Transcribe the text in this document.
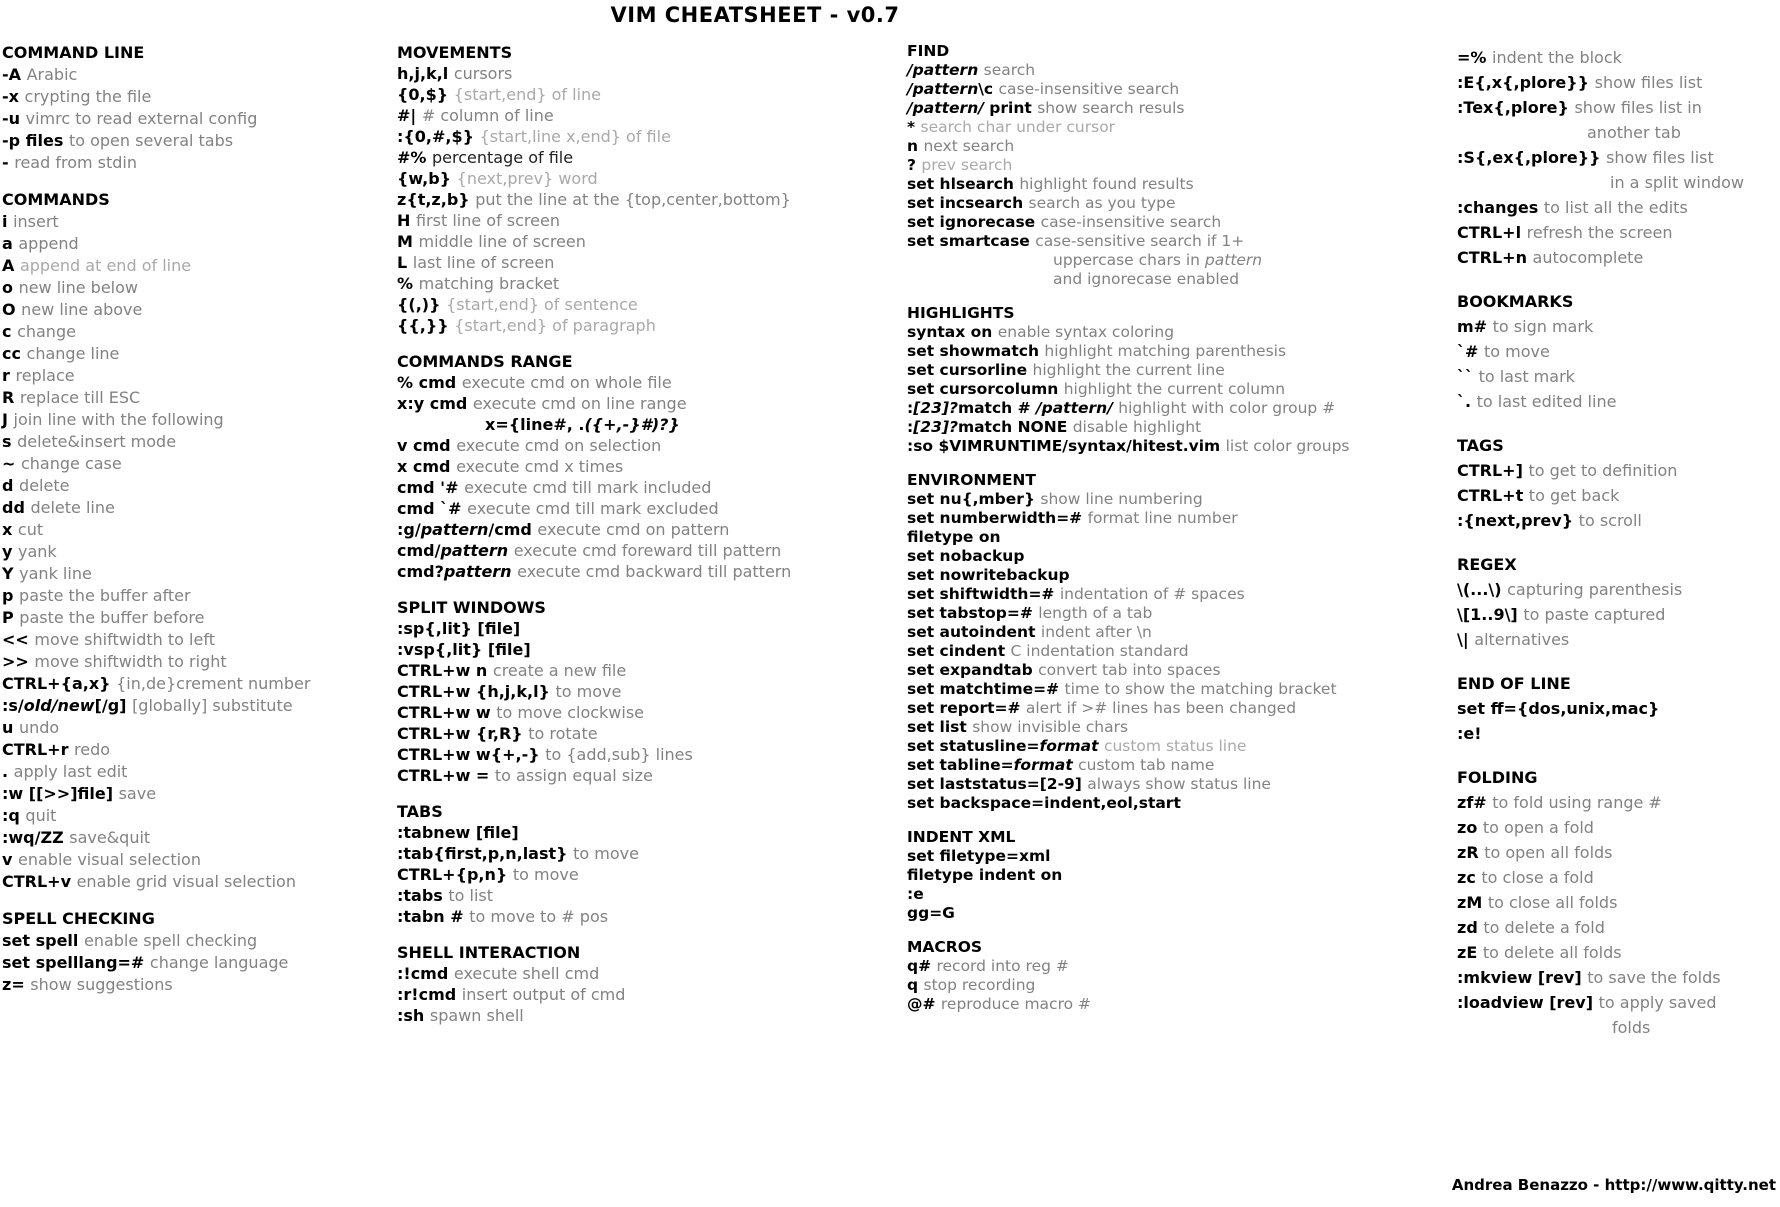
VIM CHEATSHEET - v0.7
COMMAND LINE
-A Arabic
-x crypting the file
-u vimrc to read external config
-p files to open several tabs
- read from stdin
COMMANDS
i insert
a append
A append at end of line
o new line below
O new line above
c change
cc change line
r replace
R replace till ESC
J join line with the following
s delete&insert mode
~ change case
d delete
dd delete line
x cut
y yank
Y yank line
p paste the buffer after
P paste the buffer before
<< move shiftwidth to left
>> move shiftwidth to right
CTRL+{a,x} {in,de}crement number
:s/old/new[/g] [globally] substitute
u undo
CTRL+r redo
. apply last edit
:w [[>>]file] save
:q quit
:wq/ZZ save&quit
v enable visual selection
CTRL+v enable grid visual selection
SPELL CHECKING
set spell enable spell checking
set spelllang=# change language
z= show suggestions
MOVEMENTS
h,j,k,l cursors
{0,$} {start,end} of line
#| # column of line
:{0,#,$} {start,line x,end} of file
#% percentage of file
{w,b} {next,prev} word
z{t,z,b} put the line at the {top,center,bottom}
H first line of screen
M middle line of screen
L last line of screen
% matching bracket
{(,)} {start,end} of sentence
{{,}} {start,end} of paragraph
COMMANDS RANGE
% cmd execute cmd on whole file
x:y cmd execute cmd on line range
x={line#, .({+,-}#)?}
v cmd execute cmd on selection
x cmd execute cmd x times
cmd '# execute cmd till mark included
cmd `# execute cmd till mark excluded
:g/pattern/cmd execute cmd on pattern
cmd/pattern execute cmd foreward till pattern
cmd?pattern execute cmd backward till pattern
SPLIT WINDOWS
:sp{,lit} [file]
:vsp{,lit} [file]
CTRL+w n create a new file
CTRL+w {h,j,k,l} to move
CTRL+w w to move clockwise
CTRL+w {r,R} to rotate
CTRL+w w{+,-} to {add,sub} lines
CTRL+w = to assign equal size
TABS
:tabnew [file]
:tab{first,p,n,last} to move
CTRL+{p,n} to move
:tabs to list
:tabn # to move to # pos
SHELL INTERACTION
:!cmd execute shell cmd
:r!cmd insert output of cmd
:sh spawn shell
FIND
/pattern search
/pattern\c case-insensitive search
/pattern/ print show search resuls
* search char under cursor
n next search
? prev search
set hlsearch highlight found results
set incsearch search as you type
set ignorecase case-insensitive search
set smartcase case-sensitive search if 1+
uppercase chars in pattern
and ignorecase enabled
HIGHLIGHTS
syntax on enable syntax coloring
set showmatch highlight matching parenthesis
set cursorline highlight the current line
set cursorcolumn highlight the current column
:[23]?match # /pattern/ highlight with color group #
:[23]?match NONE disable highlight
:so $VIMRUNTIME/syntax/hitest.vim list color groups
ENVIRONMENT
set nu{,mber} show line numbering
set numberwidth=# format line number
filetype on
set nobackup
set nowritebackup
set shiftwidth=# indentation of # spaces
set tabstop=# length of a tab
set autoindent indent after \n
set cindent C indentation standard
set expandtab convert tab into spaces
set matchtime=# time to show the matching bracket
set report=# alert if ># lines has been changed
set list show invisible chars
set statusline=format custom status line
set tabline=format custom tab name
set laststatus=[2-9] always show status line
set backspace=indent,eol,start
INDENT XML
set filetype=xml
filetype indent on
:e
gg=G
MACROS
q# record into reg #
q stop recording
@# reproduce macro #
=% indent the block
:E{,x{,plore}} show files list
:Tex{,plore} show files list in
another tab
:S{,ex{,plore}} show files list
in a split window
:changes to list all the edits
CTRL+l refresh the screen
CTRL+n autocomplete
BOOKMARKS
m# to sign mark
`# to move
`` to last mark
`. to last edited line
TAGS
CTRL+] to get to definition
CTRL+t to get back
:{next,prev} to scroll
REGEX
\(...\) capturing parenthesis
\[1..9\] to paste captured
\| alternatives
END OF LINE
set ff={dos,unix,mac}
:e!
FOLDING
zf# to fold using range #
zo to open a fold
zR to open all folds
zc to close a fold
zM to close all folds
zd to delete a fold
zE to delete all folds
:mkview [rev] to save the folds
:loadview [rev] to apply saved
folds
Andrea Benazzo - http://www.qitty.net
